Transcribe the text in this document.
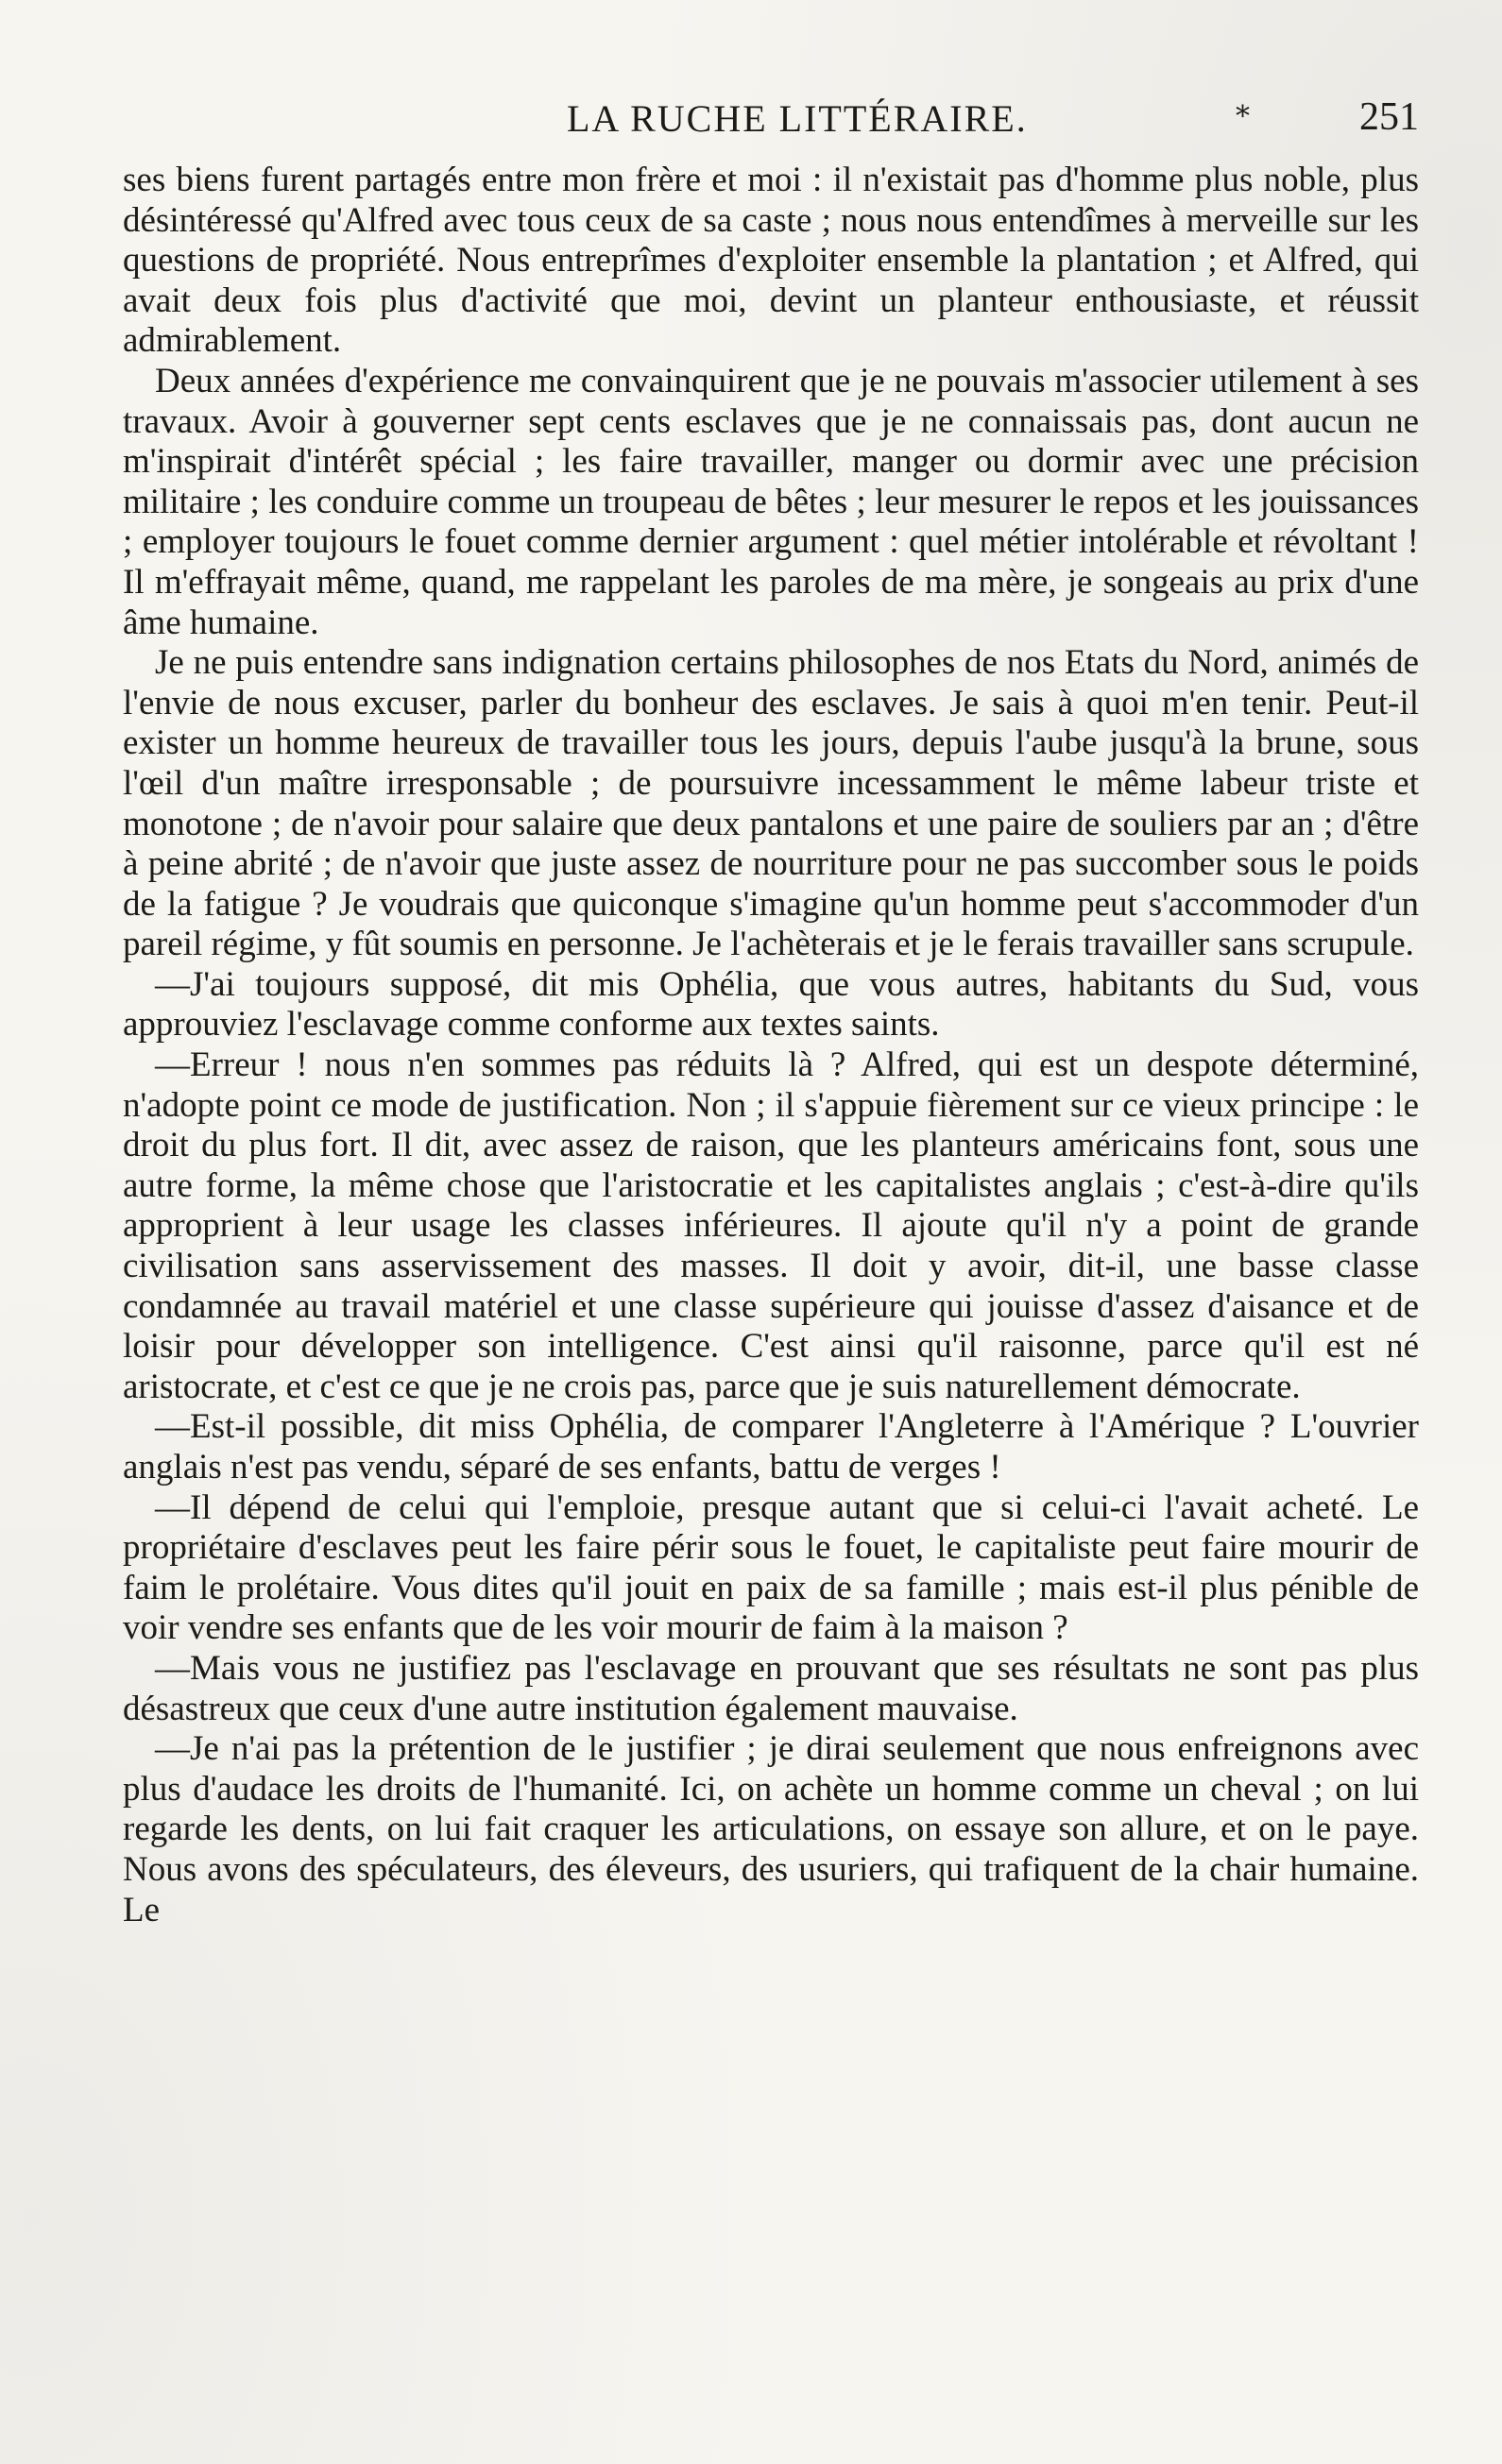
LA RUCHE LITTÉRAIRE.	*	251

ses biens furent partagés entre mon frère et moi : il n'existait pas d'homme plus noble, plus désintéressé qu'Alfred avec tous ceux de sa caste ; nous nous entendîmes à merveille sur les questions de propriété. Nous entreprîmes d'exploiter ensemble la plantation ; et Alfred, qui avait deux fois plus d'activité que moi, devint un planteur enthousiaste, et réussit admirablement.

Deux années d'expérience me convainquirent que je ne pouvais m'associer utilement à ses travaux. Avoir à gouverner sept cents esclaves que je ne connaissais pas, dont aucun ne m'inspirait d'intérêt spécial ; les faire travailler, manger ou dormir avec une précision militaire ; les conduire comme un troupeau de bêtes ; leur mesurer le repos et les jouissances ; employer toujours le fouet comme dernier argument : quel métier intolérable et révoltant ! Il m'effrayait même, quand, me rappelant les paroles de ma mère, je songeais au prix d'une âme humaine.

Je ne puis entendre sans indignation certains philosophes de nos Etats du Nord, animés de l'envie de nous excuser, parler du bonheur des esclaves. Je sais à quoi m'en tenir. Peut-il exister un homme heureux de travailler tous les jours, depuis l'aube jusqu'à la brune, sous l'œil d'un maître irresponsable ; de poursuivre incessamment le même labeur triste et monotone ; de n'avoir pour salaire que deux pantalons et une paire de souliers par an ; d'être à peine abrité ; de n'avoir que juste assez de nourriture pour ne pas succomber sous le poids de la fatigue ? Je voudrais que quiconque s'imagine qu'un homme peut s'accommoder d'un pareil régime, y fût soumis en personne. Je l'achèterais et je le ferais travailler sans scrupule.

—J'ai toujours supposé, dit mis Ophélia, que vous autres, habitants du Sud, vous approuviez l'esclavage comme conforme aux textes saints.

—Erreur ! nous n'en sommes pas réduits là ? Alfred, qui est un despote déterminé, n'adopte point ce mode de justification. Non ; il s'appuie fièrement sur ce vieux principe : le droit du plus fort. Il dit, avec assez de raison, que les planteurs américains font, sous une autre forme, la même chose que l'aristocratie et les capitalistes anglais ; c'est-à-dire qu'ils approprient à leur usage les classes inférieures. Il ajoute qu'il n'y a point de grande civilisation sans asservissement des masses. Il doit y avoir, dit-il, une basse classe condamnée au travail matériel et une classe supérieure qui jouisse d'assez d'aisance et de loisir pour développer son intelligence. C'est ainsi qu'il raisonne, parce qu'il est né aristocrate, et c'est ce que je ne crois pas, parce que je suis naturellement démocrate.

—Est-il possible, dit miss Ophélia, de comparer l'Angleterre à l'Amérique ? L'ouvrier anglais n'est pas vendu, séparé de ses enfants, battu de verges !

—Il dépend de celui qui l'emploie, presque autant que si celui-ci l'avait acheté. Le propriétaire d'esclaves peut les faire périr sous le fouet, le capitaliste peut faire mourir de faim le prolétaire. Vous dites qu'il jouit en paix de sa famille ; mais est-il plus pénible de voir vendre ses enfants que de les voir mourir de faim à la maison ?

—Mais vous ne justifiez pas l'esclavage en prouvant que ses résultats ne sont pas plus désastreux que ceux d'une autre institution également mauvaise.

—Je n'ai pas la prétention de le justifier ; je dirai seulement que nous enfreignons avec plus d'audace les droits de l'humanité. Ici, on achète un homme comme un cheval ; on lui regarde les dents, on lui fait craquer les articulations, on essaye son allure, et on le paye. Nous avons des spéculateurs, des éleveurs, des usuriers, qui trafiquent de la chair humaine. Le
